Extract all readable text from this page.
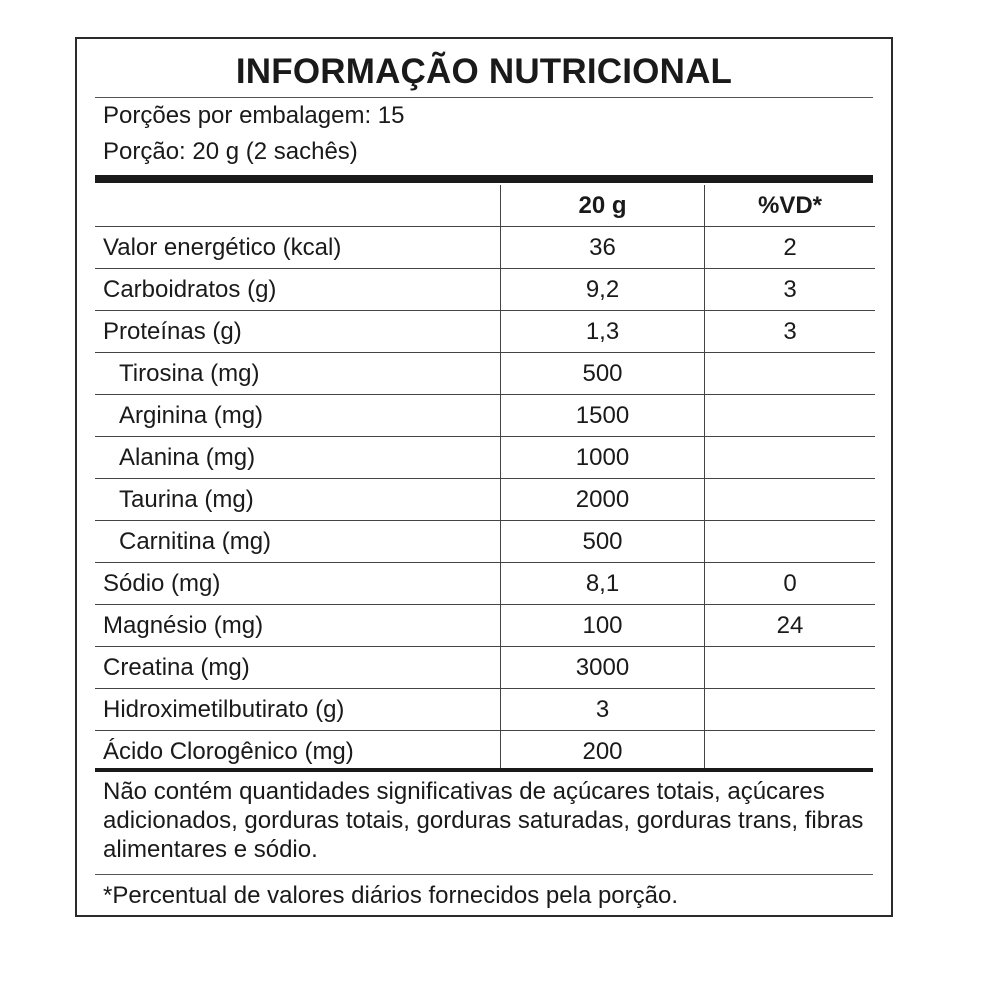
INFORMAÇÃO NUTRICIONAL
Porções por embalagem: 15
Porção: 20 g (2 sachês)
	20 g	%VD*
Valor energético (kcal)	36	2
Carboidratos (g)	9,2	3
Proteínas (g)	1,3	3
Tirosina (mg)	500	
Arginina (mg)	1500	
Alanina (mg)	1000	
Taurina (mg)	2000	
Carnitina (mg)	500	
Sódio (mg)	8,1	0
Magnésio (mg)	100	24
Creatina (mg)	3000	
Hidroximetilbutirato (g)	3	
Ácido Clorogênico (mg)	200	
Não contém quantidades significativas de açúcares totais, açúcares adicionados, gorduras totais, gorduras saturadas, gorduras trans, fibras alimentares e sódio.
*Percentual de valores diários fornecidos pela porção.
